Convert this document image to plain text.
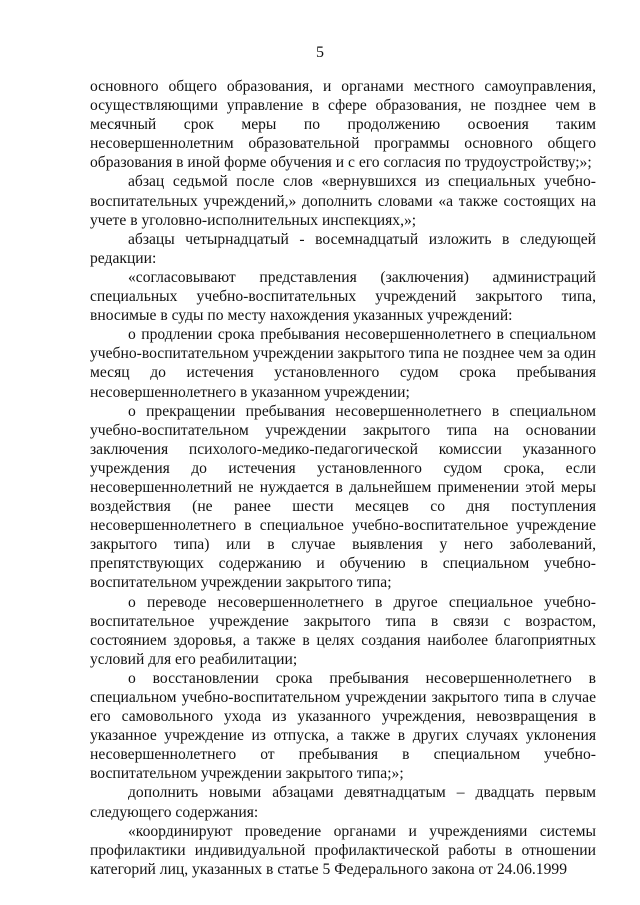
5

основного общего образования, и органами местного самоуправления, осуществляющими управление в сфере образования, не позднее чем в месячный срок меры по продолжению освоения таким несовершеннолетним образовательной программы основного общего образования в иной форме обучения и с его согласия по трудоустройству;»;

абзац седьмой после слов «вернувшихся из специальных учебно-воспитательных учреждений,» дополнить словами «а также состоящих на учете в уголовно-исполнительных инспекциях,»;

абзацы четырнадцатый - восемнадцатый изложить в следующей редакции:

«согласовывают представления (заключения) администраций специальных учебно-воспитательных учреждений закрытого типа, вносимые в суды по месту нахождения указанных учреждений:

о продлении срока пребывания несовершеннолетнего в специальном учебно-воспитательном учреждении закрытого типа не позднее чем за один месяц до истечения установленного судом срока пребывания несовершеннолетнего в указанном учреждении;

о прекращении пребывания несовершеннолетнего в специальном учебно-воспитательном учреждении закрытого типа на основании заключения психолого-медико-педагогической комиссии указанного учреждения до истечения установленного судом срока, если несовершеннолетний не нуждается в дальнейшем применении этой меры воздействия (не ранее шести месяцев со дня поступления несовершеннолетнего в специальное учебно-воспитательное учреждение закрытого типа) или в случае выявления у него заболеваний, препятствующих содержанию и обучению в специальном учебно-воспитательном учреждении закрытого типа;

о переводе несовершеннолетнего в другое специальное учебно-воспитательное учреждение закрытого типа в связи с возрастом, состоянием здоровья, а также в целях создания наиболее благоприятных условий для его реабилитации;

о восстановлении срока пребывания несовершеннолетнего в специальном учебно-воспитательном учреждении закрытого типа в случае его самовольного ухода из указанного учреждения, невозвращения в указанное учреждение из отпуска, а также в других случаях уклонения несовершеннолетнего от пребывания в специальном учебно-воспитательном учреждении закрытого типа;»;

дополнить новыми абзацами девятнадцатым – двадцать первым следующего содержания:

«координируют проведение органами и учреждениями системы профилактики индивидуальной профилактической работы в отношении категорий лиц, указанных в статье 5 Федерального закона от 24.06.1999
